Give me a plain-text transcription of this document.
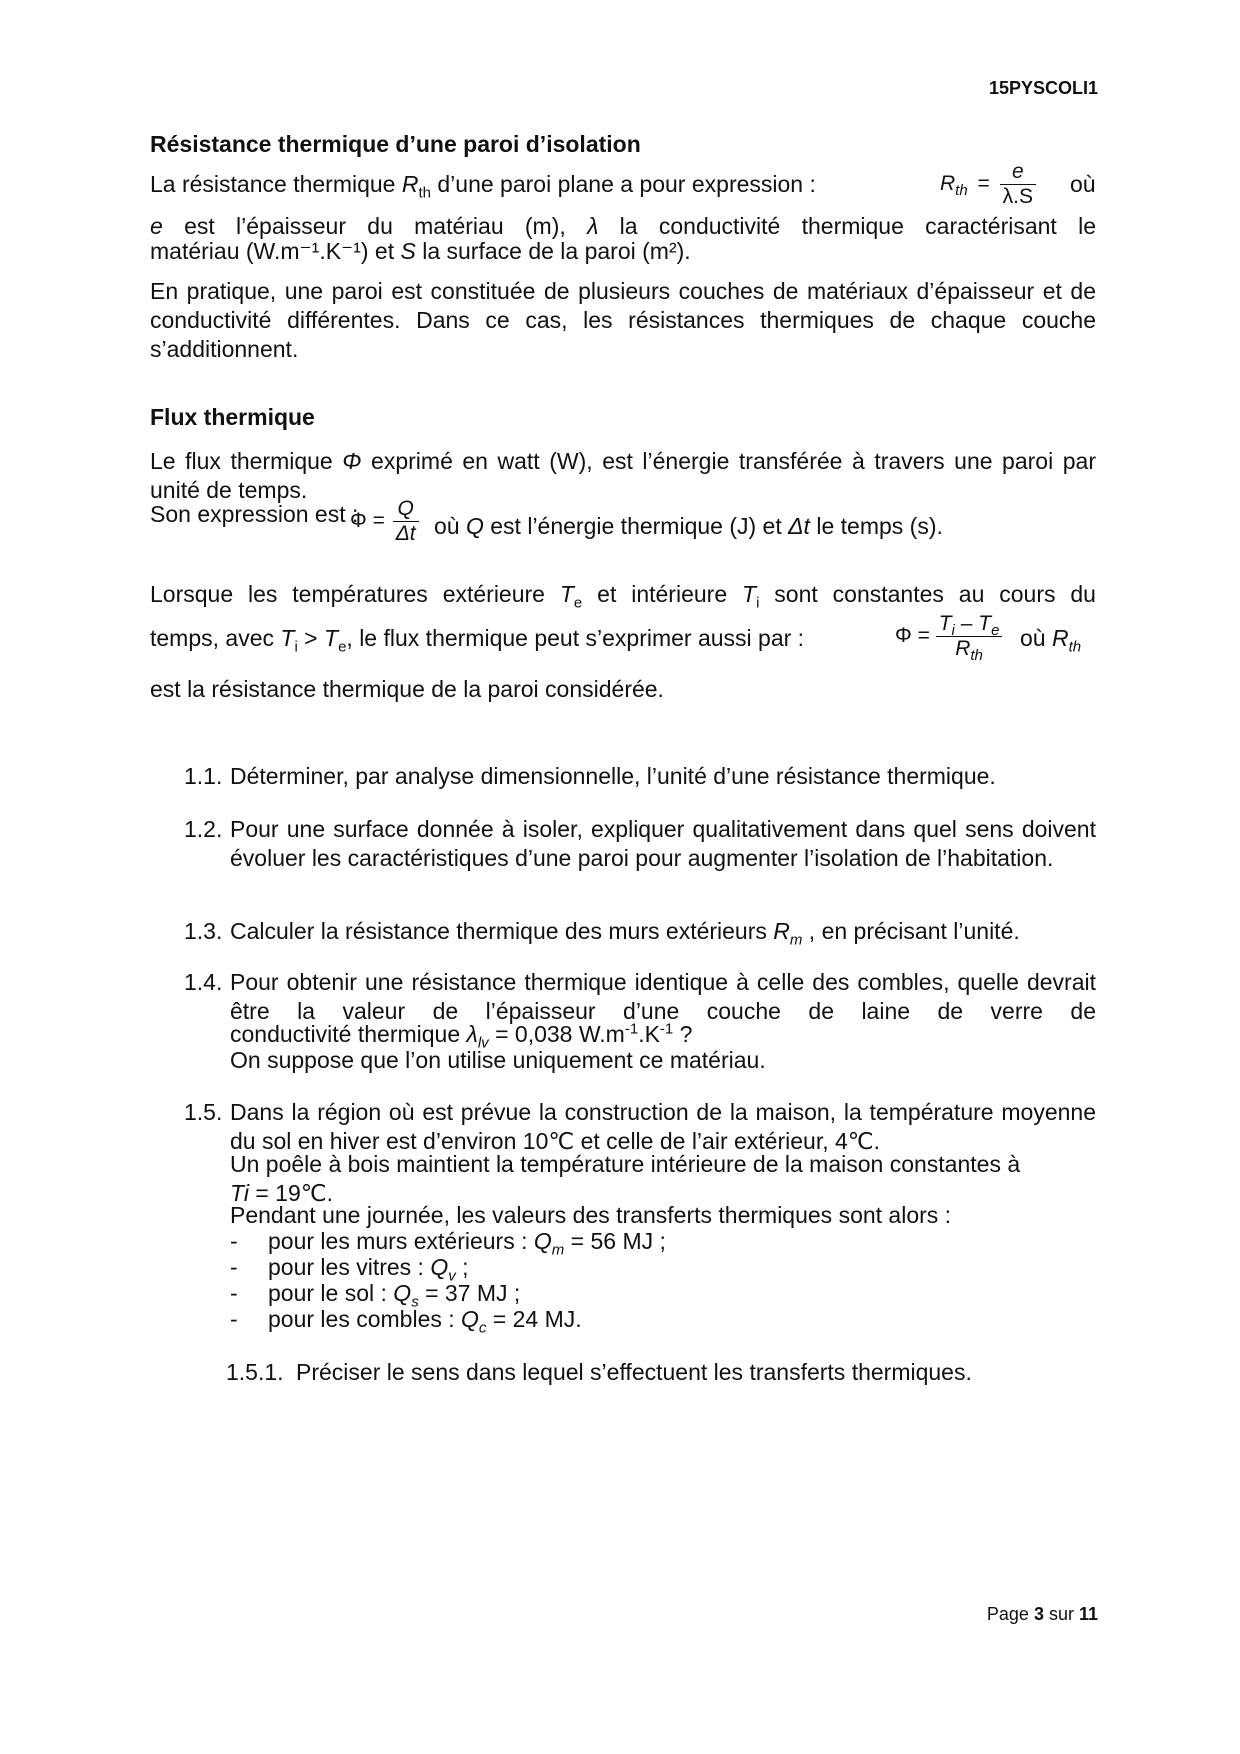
15PYSCOLI1
Résistance thermique d’une paroi d’isolation
La résistance thermique $R_{th}$ d’une paroi plane a pour expression :	$R_{th} = \frac{e}{\lambda.S}$ où
e est l’épaisseur du matériau (m), λ la conductivité thermique caractérisant le
matériau (W.m⁻¹.K⁻¹) et S la surface de la paroi (m²).
En pratique, une paroi est constituée de plusieurs couches de matériaux d’épaisseur et de conductivité différentes. Dans ce cas, les résistances thermiques de chaque couche s’additionnent.
Flux thermique
Le flux thermique Φ exprimé en watt (W), est l’énergie transférée à travers une paroi par unité de temps.
Son expression est :
$\Phi = \frac{Q}{\Delta t}$ où Q est l’énergie thermique (J) et Δt le temps (s).
Lorsque les températures extérieure $T_e$ et intérieure $T_i$ sont constantes au cours du
temps, avec $T_i > T_e$, le flux thermique peut s’exprimer aussi par :	$\Phi = \frac{T_i - T_e}{R_{th}}$ où $R_{th}$
est la résistance thermique de la paroi considérée.
1.1. Déterminer, par analyse dimensionnelle, l’unité d’une résistance thermique.
1.2. Pour une surface donnée à isoler, expliquer qualitativement dans quel sens doivent évoluer les caractéristiques d’une paroi pour augmenter l’isolation de l’habitation.
1.3. Calculer la résistance thermique des murs extérieurs $R_m$ , en précisant l’unité.
1.4. Pour obtenir une résistance thermique identique à celle des combles, quelle devrait être la valeur de l’épaisseur d’une couche de laine de verre de
conductivité thermique $\lambda_{lv} = 0,038$ $W.m^{-1}.K^{-1}$ ?
On suppose que l’on utilise uniquement ce matériau.
1.5. Dans la région où est prévue la construction de la maison, la température moyenne du sol en hiver est d’environ 10℃ et celle de l’air extérieur, 4℃.
Un poêle à bois maintient la température intérieure de la maison constantes à
Ti = 19℃.
Pendant une journée, les valeurs des transferts thermiques sont alors :
- pour les murs extérieurs : $Q_m = 56$ MJ ;
- pour les vitres : $Q_v$ ;
- pour le sol : $Q_s = 37$ MJ ;
- pour les combles : $Q_c = 24$ MJ.
1.5.1. Préciser le sens dans lequel s’effectuent les transferts thermiques.
Page 3 sur 11
